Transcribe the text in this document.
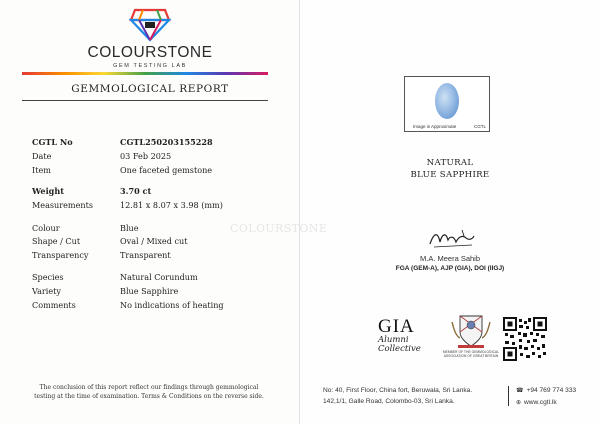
COLOURSTONE
GEM TESTING LAB
GEMMOLOGICAL REPORT
CGTL No	CGTL250203155228
Date	03 Feb 2025
Item	One faceted gemstone
Weight	3.70 ct
Measurements	12.81 x 8.07 x 3.98 (mm)
Colour	Blue
Shape / Cut	Oval / Mixed cut
Transparency	Transparent
Species	Natural Corundum
Variety	Blue Sapphire
Comments	No indications of heating
The conclusion of this report reflect our findings through gemmological
testing at the time of examination. Terms & Conditions on the reverse side.
COLOURSTONE
Image is Approximate	CGTL
NATURAL
BLUE SAPPHIRE
M.A. Meera Sahib
FGA (GEM-A), AJP (GIA), DOI (IIGJ)
GIA
Alumni
Collective	MEMBER OF THE GEMMOLOGICAL
ASSOCIATION OF GREAT BRITAIN
No: 40, First Floor, China fort, Beruwala, Sri Lanka.
142,1/1, Galle Road, Colombo-03, Sri Lanka.
☎ +94 769 774 333
⊕ www.cgtl.lk
